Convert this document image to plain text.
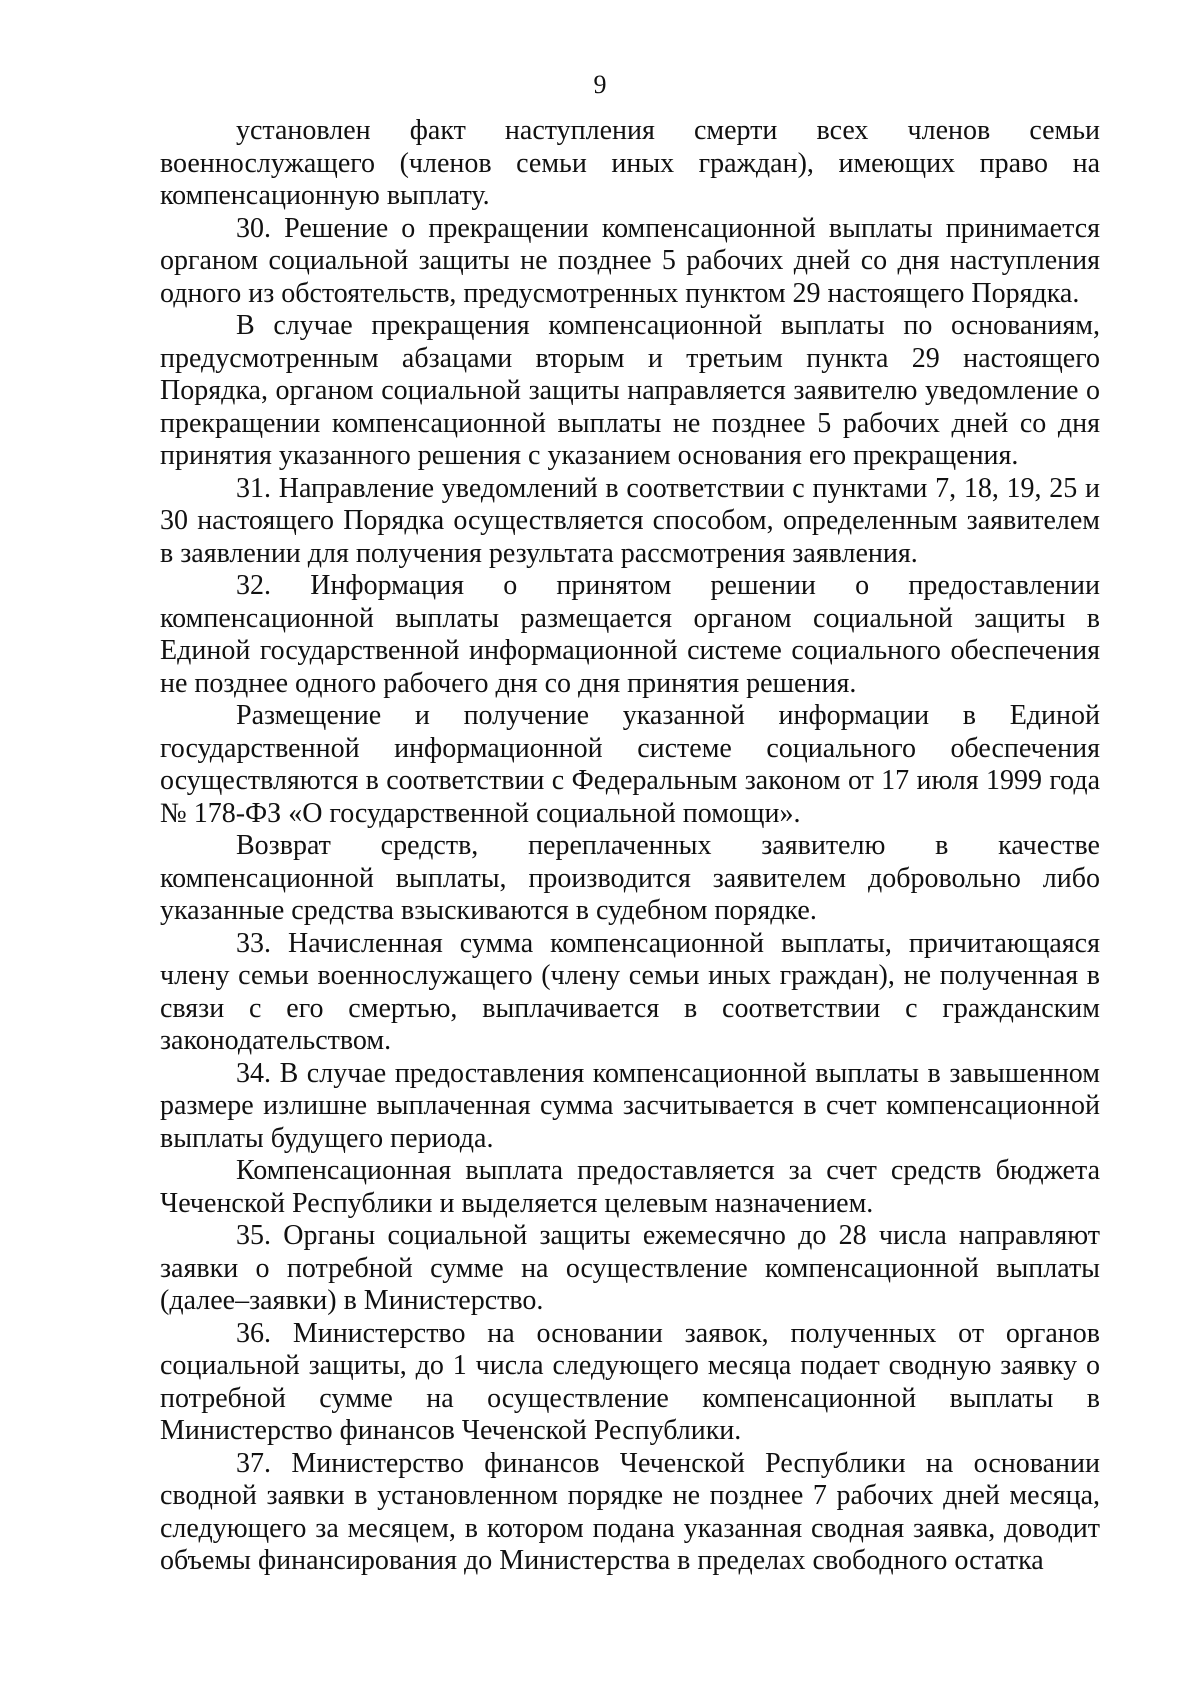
9

установлен факт наступления смерти всех членов семьи военнослужащего (членов семьи иных граждан), имеющих право на компенсационную выплату.

30. Решение о прекращении компенсационной выплаты принимается органом социальной защиты не позднее 5 рабочих дней со дня наступления одного из обстоятельств, предусмотренных пунктом 29 настоящего Порядка.

В случае прекращения компенсационной выплаты по основаниям, предусмотренным абзацами вторым и третьим пункта 29 настоящего Порядка, органом социальной защиты направляется заявителю уведомление о прекращении компенсационной выплаты не позднее 5 рабочих дней со дня принятия указанного решения с указанием основания его прекращения.

31. Направление уведомлений в соответствии с пунктами 7, 18, 19, 25 и 30 настоящего Порядка осуществляется способом, определенным заявителем в заявлении для получения результата рассмотрения заявления.

32. Информация о принятом решении о предоставлении компенсационной выплаты размещается органом социальной защиты в Единой государственной информационной системе социального обеспечения не позднее одного рабочего дня со дня принятия решения.

Размещение и получение указанной информации в Единой государственной информационной системе социального обеспечения осуществляются в соответствии с Федеральным законом от 17 июля 1999 года № 178-ФЗ «О государственной социальной помощи».

Возврат средств, переплаченных заявителю в качестве компенсационной выплаты, производится заявителем добровольно либо указанные средства взыскиваются в судебном порядке.

33. Начисленная сумма компенсационной выплаты, причитающаяся члену семьи военнослужащего (члену семьи иных граждан), не полученная в связи с его смертью, выплачивается в соответствии с гражданским законодательством.

34. В случае предоставления компенсационной выплаты в завышенном размере излишне выплаченная сумма засчитывается в счет компенсационной выплаты будущего периода.

Компенсационная выплата предоставляется за счет средств бюджета Чеченской Республики и выделяется целевым назначением.

35. Органы социальной защиты ежемесячно до 28 числа направляют заявки о потребной сумме на осуществление компенсационной выплаты (далее–заявки) в Министерство.

36. Министерство на основании заявок, полученных от органов социальной защиты, до 1 числа следующего месяца подает сводную заявку о потребной сумме на осуществление компенсационной выплаты в Министерство финансов Чеченской Республики.

37. Министерство финансов Чеченской Республики на основании сводной заявки в установленном порядке не позднее 7 рабочих дней месяца, следующего за месяцем, в котором подана указанная сводная заявка, доводит объемы финансирования до Министерства в пределах свободного остатка
